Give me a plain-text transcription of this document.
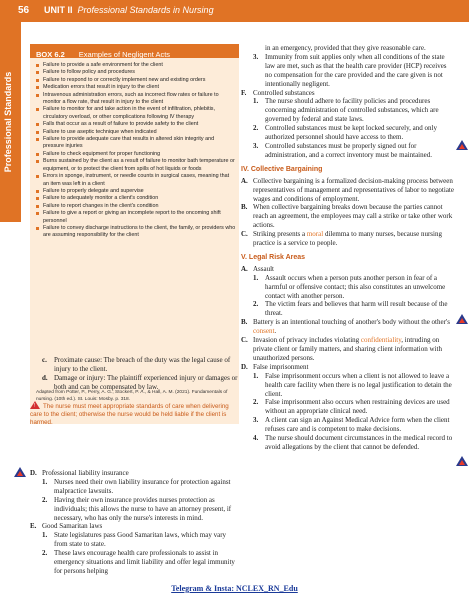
56 UNIT II Professional Standards in Nursing
Professional Standards
BOX 6.2 Examples of Negligent Acts
Failure to provide a safe environment for the client
Failure to follow policy and procedures
Failure to respond to or correctly implement new and existing orders
Medication errors that result in injury to the client
Intravenous administration errors, such as incorrect flow rates or failure to monitor a flow rate, that result in injury to the client
Failure to monitor for and take action in the event of infiltration, phlebitis, circulatory overload, or other complications following IV therapy
Falls that occur as a result of failure to provide safety to the client
Failure to use aseptic technique when indicated
Failure to provide adequate care that results in altered skin integrity and pressure injuries
Failure to check equipment for proper functioning
Burns sustained by the client as a result of failure to monitor bath temperature or equipment, or to protect the client from spills of hot liquids or foods
Errors in sponge, instrument, or needle counts in surgical cases, meaning that an item was left in a client
Failure to properly delegate and supervise
Failure to adequately monitor a client's condition
Failure to report changes in the client's condition
Failure to give a report or giving an incomplete report to the oncoming shift personnel
Failure to convey discharge instructions to the client, the family, or providers who are assuming responsibility for the client
Adapted from Potter, P., Perry, A. G., Stockert, P. A., & Hall, A. M. (2021). Fundamentals of nursing. (10th ed.). St. Louis: Mosby. p. 318.

c. Proximate cause: The breach of the duty was the legal cause of injury to the client.

d. Damage or injury: The plaintiff experienced injury or damages or both and can be compensated by law.

! The nurse must meet appropriate standards of care when delivering care to the client; otherwise the nurse would be held liable if the client is harmed.

D. Professional liability insurance

1. Nurses need their own liability insurance for protection against malpractice lawsuits.

2. Having their own insurance provides nurses protection as individuals; this allows the nurse to have an attorney present, if necessary, who has only the nurse's interests in mind.

E. Good Samaritan laws

1. State legislatures pass Good Samaritan laws, which may vary from state to state.

2. These laws encourage health care professionals to assist in emergency situations and limit liability and offer legal immunity for persons helping

in an emergency, provided that they give reasonable care.

3. Immunity from suit applies only when all conditions of the state law are met, such as that the health care provider (HCP) receives no compensation for the care provided and the care given is not intentionally negligent.

F. Controlled substances

1. The nurse should adhere to facility policies and procedures concerning administration of controlled substances, which are governed by federal and state laws.

2. Controlled substances must be kept locked securely, and only authorized personnel should have access to them.

3. Controlled substances must be properly signed out for administration, and a correct inventory must be maintained.

IV. Collective Bargaining

A. Collective bargaining is a formalized decision-making process between representatives of management and representatives of labor to negotiate wages and conditions of employment.

B. When collective bargaining breaks down because the parties cannot reach an agreement, the employees may call a strike or take other work actions.

C. Striking presents a moral dilemma to many nurses, because nursing practice is a service to people.

V. Legal Risk Areas

A. Assault

1. Assault occurs when a person puts another person in fear of a harmful or offensive contact; this also constitutes an unwelcome contact with another person.

2. The victim fears and believes that harm will result because of the threat.

B. Battery is an intentional touching of another's body without the other's consent.

C. Invasion of privacy includes violating confidentiality, intruding on private client or family matters, and sharing client information with unauthorized persons.

D. False imprisonment

1. False imprisonment occurs when a client is not allowed to leave a health care facility when there is no legal justification to detain the client.

2. False imprisonment also occurs when restraining devices are used without an appropriate clinical need.

3. A client can sign an Against Medical Advice form when the client refuses care and is competent to make decisions.

4. The nurse should document circumstances in the medical record to avoid allegations by the client that cannot be defended.

Telegram & Insta: NCLEX_RN_Edu
